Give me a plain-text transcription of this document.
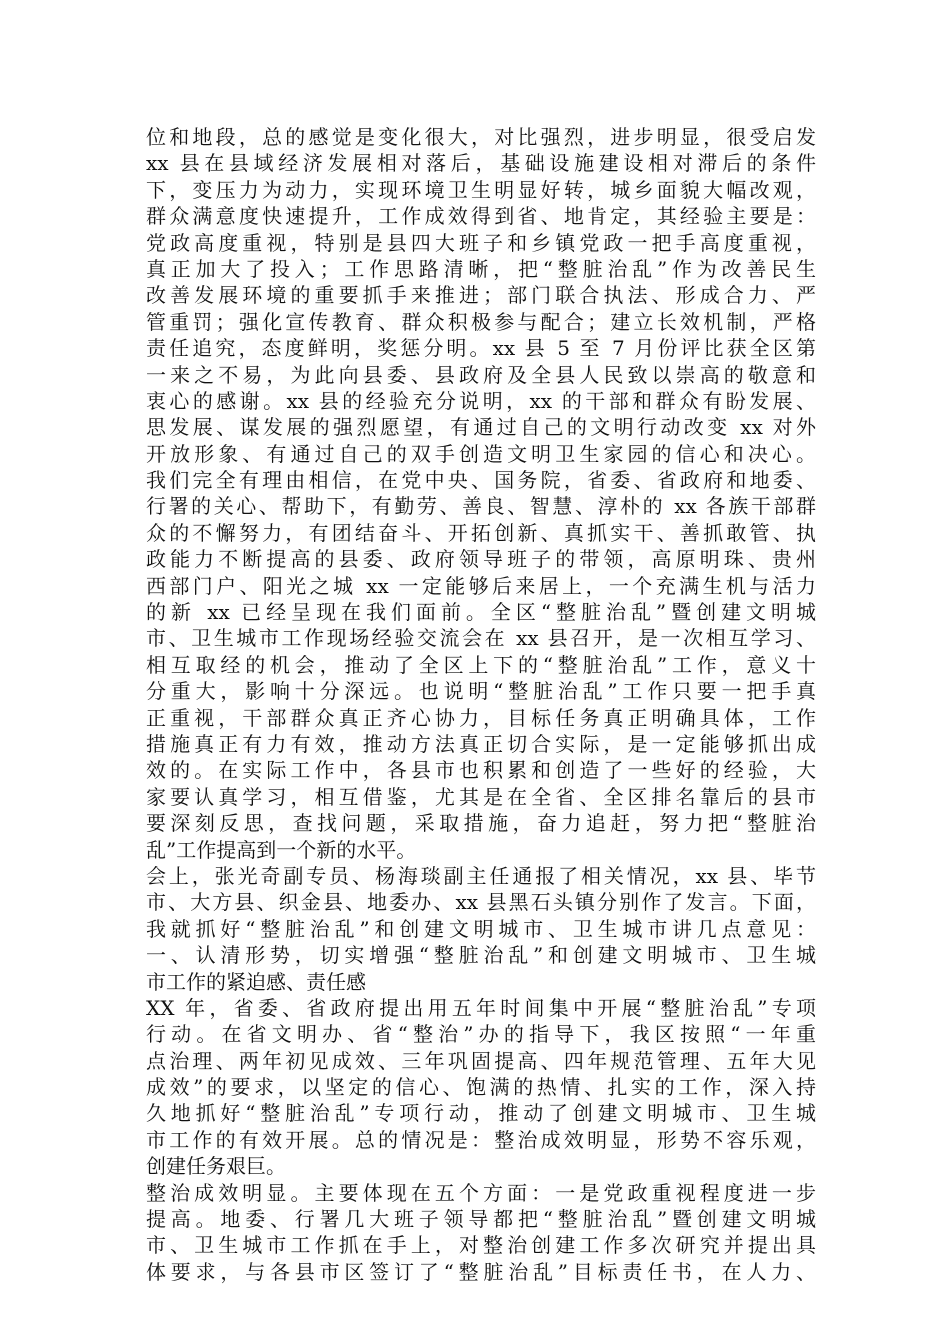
位和地段，总的感觉是变化很大，对比强烈，进步明显，很受启发
xx 县在县域经济发展相对落后，基础设施建设相对滞后的条件
下，变压力为动力，实现环境卫生明显好转，城乡面貌大幅改观，
群众满意度快速提升，工作成效得到省、地肯定，其经验主要是：
党政高度重视，特别是县四大班子和乡镇党政一把手高度重视，
真正加大了投入；工作思路清晰，把“整脏治乱”作为改善民生
改善发展环境的重要抓手来推进；部门联合执法、形成合力、严
管重罚；强化宣传教育、群众积极参与配合；建立长效机制，严格
责任追究，态度鲜明，奖惩分明。xx 县 5 至 7 月份评比获全区第
一来之不易，为此向县委、县政府及全县人民致以崇高的敬意和
衷心的感谢。xx 县的经验充分说明，xx 的干部和群众有盼发展、
思发展、谋发展的强烈愿望，有通过自己的文明行动改变 xx 对外
开放形象、有通过自己的双手创造文明卫生家园的信心和决心。
我们完全有理由相信，在党中央、国务院，省委、省政府和地委、
行署的关心、帮助下，有勤劳、善良、智慧、淳朴的 xx 各族干部群
众的不懈努力，有团结奋斗、开拓创新、真抓实干、善抓敢管、执
政能力不断提高的县委、政府领导班子的带领，高原明珠、贵州
西部门户、阳光之城 xx 一定能够后来居上，一个充满生机与活力
的新 xx 已经呈现在我们面前。全区“整脏治乱”暨创建文明城
市、卫生城市工作现场经验交流会在 xx 县召开，是一次相互学习、
相互取经的机会，推动了全区上下的“整脏治乱”工作，意义十
分重大，影响十分深远。也说明“整脏治乱”工作只要一把手真
正重视，干部群众真正齐心协力，目标任务真正明确具体，工作
措施真正有力有效，推动方法真正切合实际，是一定能够抓出成
效的。在实际工作中，各县市也积累和创造了一些好的经验，大
家要认真学习，相互借鉴，尤其是在全省、全区排名靠后的县市
要深刻反思，查找问题，采取措施，奋力追赶，努力把“整脏治
乱”工作提高到一个新的水平。
会上，张光奇副专员、杨海琰副主任通报了相关情况，xx 县、毕节
市、大方县、织金县、地委办、xx 县黑石头镇分别作了发言。下面，
我就抓好“整脏治乱”和创建文明城市、卫生城市讲几点意见：
一、认清形势，切实增强“整脏治乱”和创建文明城市、卫生城
市工作的紧迫感、责任感
XX 年，省委、省政府提出用五年时间集中开展“整脏治乱”专项
行动。在省文明办、省“整治”办的指导下，我区按照“一年重
点治理、两年初见成效、三年巩固提高、四年规范管理、五年大见
成效”的要求，以坚定的信心、饱满的热情、扎实的工作，深入持
久地抓好“整脏治乱”专项行动，推动了创建文明城市、卫生城
市工作的有效开展。总的情况是：整治成效明显，形势不容乐观，
创建任务艰巨。
整治成效明显。主要体现在五个方面：一是党政重视程度进一步
提高。地委、行署几大班子领导都把“整脏治乱”暨创建文明城
市、卫生城市工作抓在手上，对整治创建工作多次研究并提出具
体要求，与各县市区签订了“整脏治乱”目标责任书，在人力、
